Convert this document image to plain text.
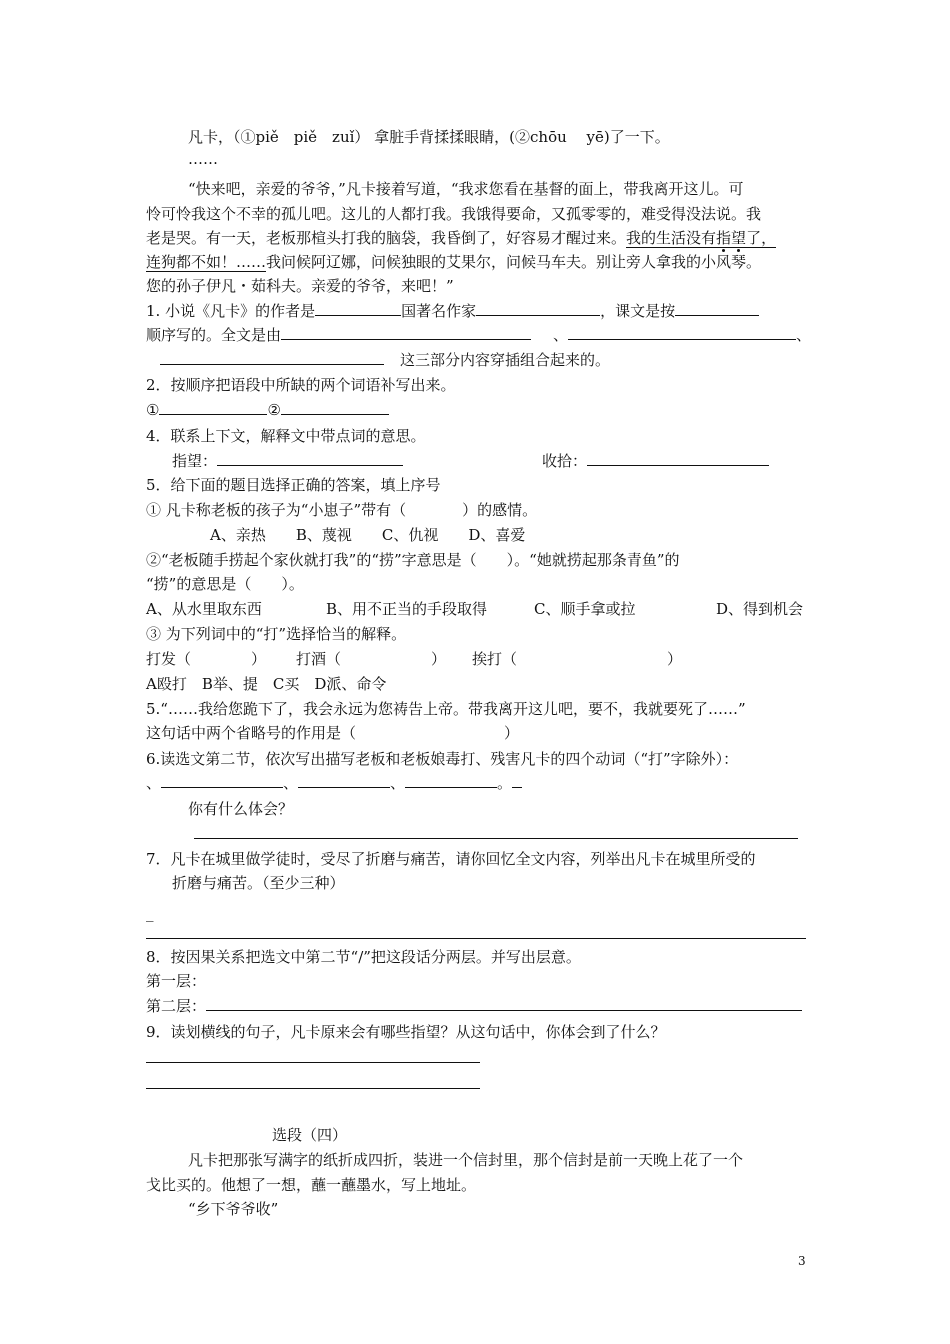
凡卡，（①piě　piě　zuǐ） 拿脏手背揉揉眼睛，(②chōu　 yē)了一下。
……
“快来吧，亲爱的爷爷，”凡卡接着写道，“我求您看在基督的面上，带我离开这儿。可
怜可怜我这个不幸的孤儿吧。这儿的人都打我。我饿得要命，又孤零零的，难受得没法说。我
老是哭。有一天，老板那楦头打我的脑袋，我昏倒了，好容易才醒过来。我的生活没有指望了，
连狗都不如！……我问候阿辽娜，问候独眼的艾果尔，问候马车夫。别让旁人拿我的小风琴。
您的孙子伊凡・茹科夫。亲爱的爷爷，来吧！”
1. 小说《凡卡》的作者是	国著名作家	，课文是按
顺序写的。全文是由	、	、
这三部分内容穿插组合起来的。
2．按顺序把语段中所缺的两个词语补写出来。
①	②
4．联系上下文，解释文中带点词的意思。
指望：	收拾：
5．给下面的题目选择正确的答案，填上序号
① 凡卡称老板的孩子为“小崽子”带有（	）的感情。
A、亲热　　B、蔑视　　C、仇视　　D、喜爱
②“老板随手捞起个家伙就打我”的“捞”字意思是（　　）。“她就捞起那条青鱼”的
“捞”的意思是（　　）。
A、从水里取东西	B、用不正当的手段取得	C、顺手拿或拉	D、得到机会
③ 为下列词中的“打”选择恰当的解释。
打发（　　　　） 打酒（　　　　　　） 挨打（　　　　　　　　　　）
A殴打　B举、提　C买　D派、命令
5.“……我给您跪下了，我会永远为您祷告上帝。带我离开这儿吧，要不，我就要死了……”
这句话中两个省略号的作用是（	）
6.读选文第二节，依次写出描写老板和老板娘毒打、残害凡卡的四个动词（“打”字除外）：
、	、	、	。
你有什么体会？
7．凡卡在城里做学徒时，受尽了折磨与痛苦，请你回忆全文内容，列举出凡卡在城里所受的
折磨与痛苦。（至少三种）
_
8．按因果关系把选文中第二节“/”把这段话分两层。并写出层意。
第一层：
第二层：
9．读划横线的句子，凡卡原来会有哪些指望？从这句话中，你体会到了什么？
选段（四）
凡卡把那张写满字的纸折成四折，装进一个信封里，那个信封是前一天晚上花了一个
戈比买的。他想了一想，蘸一蘸墨水，写上地址。
“乡下爷爷收”
3
